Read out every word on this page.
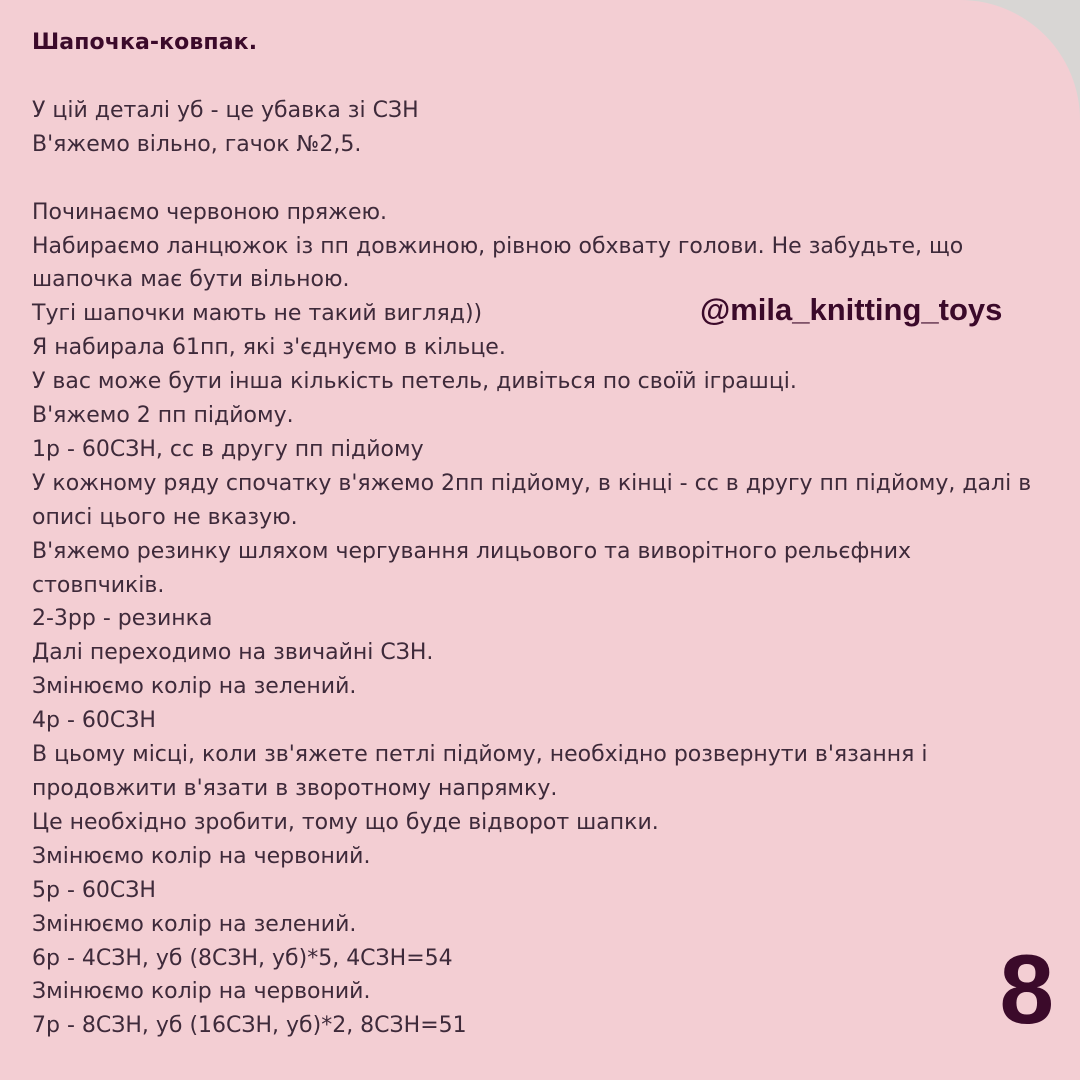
Шапочка-ковпак.
У цій деталі уб - це убавка зі СЗН
В'яжемо вільно, гачок №2,5.
Починаємо червоною пряжею.
Набираємо ланцюжок із пп довжиною, рівною обхвату голови. Не забудьте, що
шапочка має бути вільною.
Тугі шапочки мають не такий вигляд))
Я набирала 61пп, які з'єднуємо в кільце.
У вас може бути інша кількість петель, дивіться по своїй іграшці.
В'яжемо 2 пп підйому.
1р - 60СЗН, сс в другу пп підйому
У кожному ряду спочатку в'яжемо 2пп підйому, в кінці - сс в другу пп підйому, далі в
описі цього не вказую.
В'яжемо резинку шляхом чергування лицьового та виворітного рельєфних
стовпчиків.
2-3рр - резинка
Далі переходимо на звичайні СЗН.
Змінюємо колір на зелений.
4р - 60СЗН
В цьому місці, коли зв'яжете петлі підйому, необхідно розвернути в'язання і
продовжити в'язати в зворотному напрямку.
Це необхідно зробити, тому що буде відворот шапки.
Змінюємо колір на червоний.
5р - 60СЗН
Змінюємо колір на зелений.
6р - 4СЗН, уб (8СЗН, уб)*5, 4СЗН=54
Змінюємо колір на червоний.
7р - 8СЗН, уб (16СЗН, уб)*2, 8СЗН=51
@mila_knitting_toys
8
